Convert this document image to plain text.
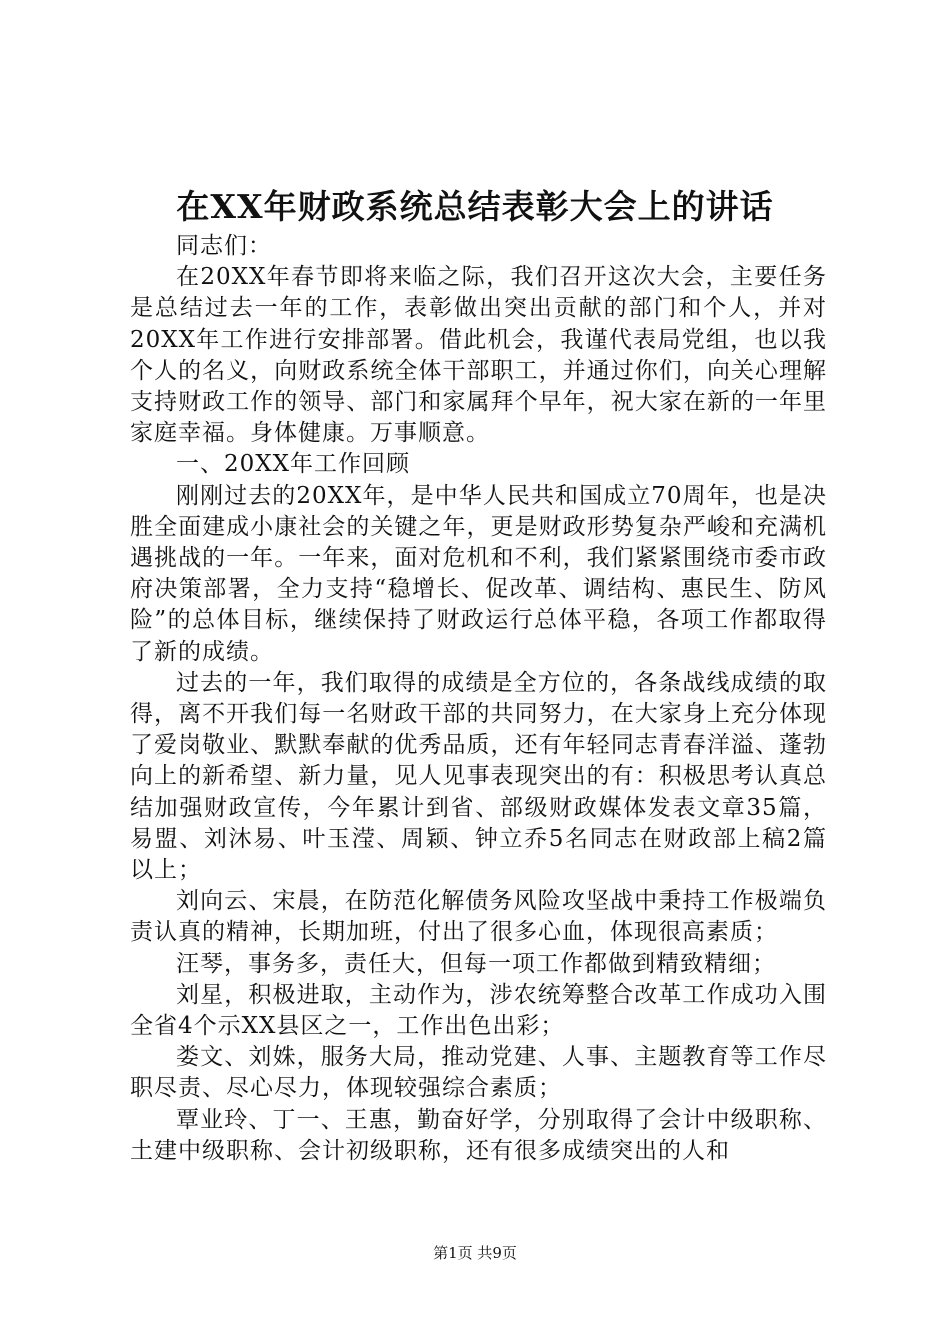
在XX年财政系统总结表彰大会上的讲话

同志们：

在20XX年春节即将来临之际，我们召开这次大会，主要任务是总结过去一年的工作，表彰做出突出贡献的部门和个人，并对20XX年工作进行安排部署。借此机会，我谨代表局党组，也以我个人的名义，向财政系统全体干部职工，并通过你们，向关心理解支持财政工作的领导、部门和家属拜个早年，祝大家在新的一年里家庭幸福。身体健康。万事顺意。

一、20XX年工作回顾

刚刚过去的20XX年，是中华人民共和国成立70周年，也是决胜全面建成小康社会的关键之年，更是财政形势复杂严峻和充满机遇挑战的一年。一年来，面对危机和不利，我们紧紧围绕市委市政府决策部署，全力支持“稳增长、促改革、调结构、惠民生、防风险”的总体目标，继续保持了财政运行总体平稳，各项工作都取得了新的成绩。

过去的一年，我们取得的成绩是全方位的，各条战线成绩的取得，离不开我们每一名财政干部的共同努力，在大家身上充分体现了爱岗敬业、默默奉献的优秀品质，还有年轻同志青春洋溢、蓬勃向上的新希望、新力量，见人见事表现突出的有：积极思考认真总结加强财政宣传，今年累计到省、部级财政媒体发表文章35篇，易盟、刘沐易、叶玉滢、周颖、钟立乔5名同志在财政部上稿2篇以上；

刘向云、宋晨，在防范化解债务风险攻坚战中秉持工作极端负责认真的精神，长期加班，付出了很多心血，体现很高素质；

汪琴，事务多，责任大，但每一项工作都做到精致精细；

刘星，积极进取，主动作为，涉农统筹整合改革工作成功入围全省4个示XX县区之一，工作出色出彩；

娄文、刘姝，服务大局，推动党建、人事、主题教育等工作尽职尽责、尽心尽力，体现较强综合素质；

覃业玲、丁一、王惠，勤奋好学，分别取得了会计中级职称、土建中级职称、会计初级职称，还有很多成绩突出的人和

第1页 共9页
